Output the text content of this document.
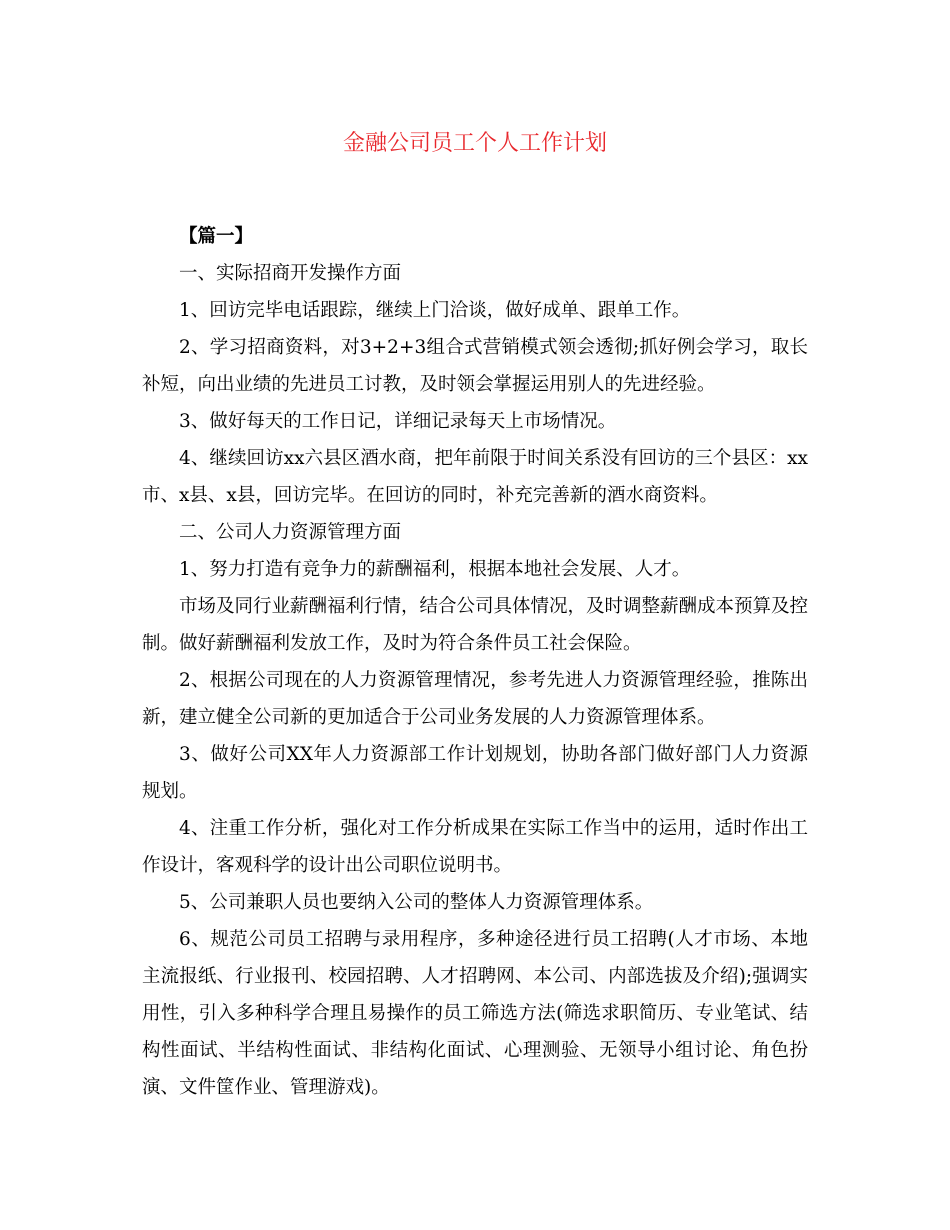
金融公司员工个人工作计划

【篇一】

一、实际招商开发操作方面

1、回访完毕电话跟踪，继续上门洽谈，做好成单、跟单工作。

2、学习招商资料，对3+2+3组合式营销模式领会透彻;抓好例会学习，取长补短，向出业绩的先进员工讨教，及时领会掌握运用别人的先进经验。

3、做好每天的工作日记，详细记录每天上市场情况。

4、继续回访xx六县区酒水商，把年前限于时间关系没有回访的三个县区：xx市、x县、x县，回访完毕。在回访的同时，补充完善新的酒水商资料。

二、公司人力资源管理方面

1、努力打造有竞争力的薪酬福利，根据本地社会发展、人才。

市场及同行业薪酬福利行情，结合公司具体情况，及时调整薪酬成本预算及控制。做好薪酬福利发放工作，及时为符合条件员工社会保险。

2、根据公司现在的人力资源管理情况，参考先进人力资源管理经验，推陈出新，建立健全公司新的更加适合于公司业务发展的人力资源管理体系。

3、做好公司XX年人力资源部工作计划规划，协助各部门做好部门人力资源规划。

4、注重工作分析，强化对工作分析成果在实际工作当中的运用，适时作出工作设计，客观科学的设计出公司职位说明书。

5、公司兼职人员也要纳入公司的整体人力资源管理体系。

6、规范公司员工招聘与录用程序，多种途径进行员工招聘(人才市场、本地主流报纸、行业报刊、校园招聘、人才招聘网、本公司、内部选拔及介绍);强调实用性，引入多种科学合理且易操作的员工筛选方法(筛选求职简历、专业笔试、结构性面试、半结构性面试、非结构化面试、心理测验、无领导小组讨论、角色扮演、文件筐作业、管理游戏)。
